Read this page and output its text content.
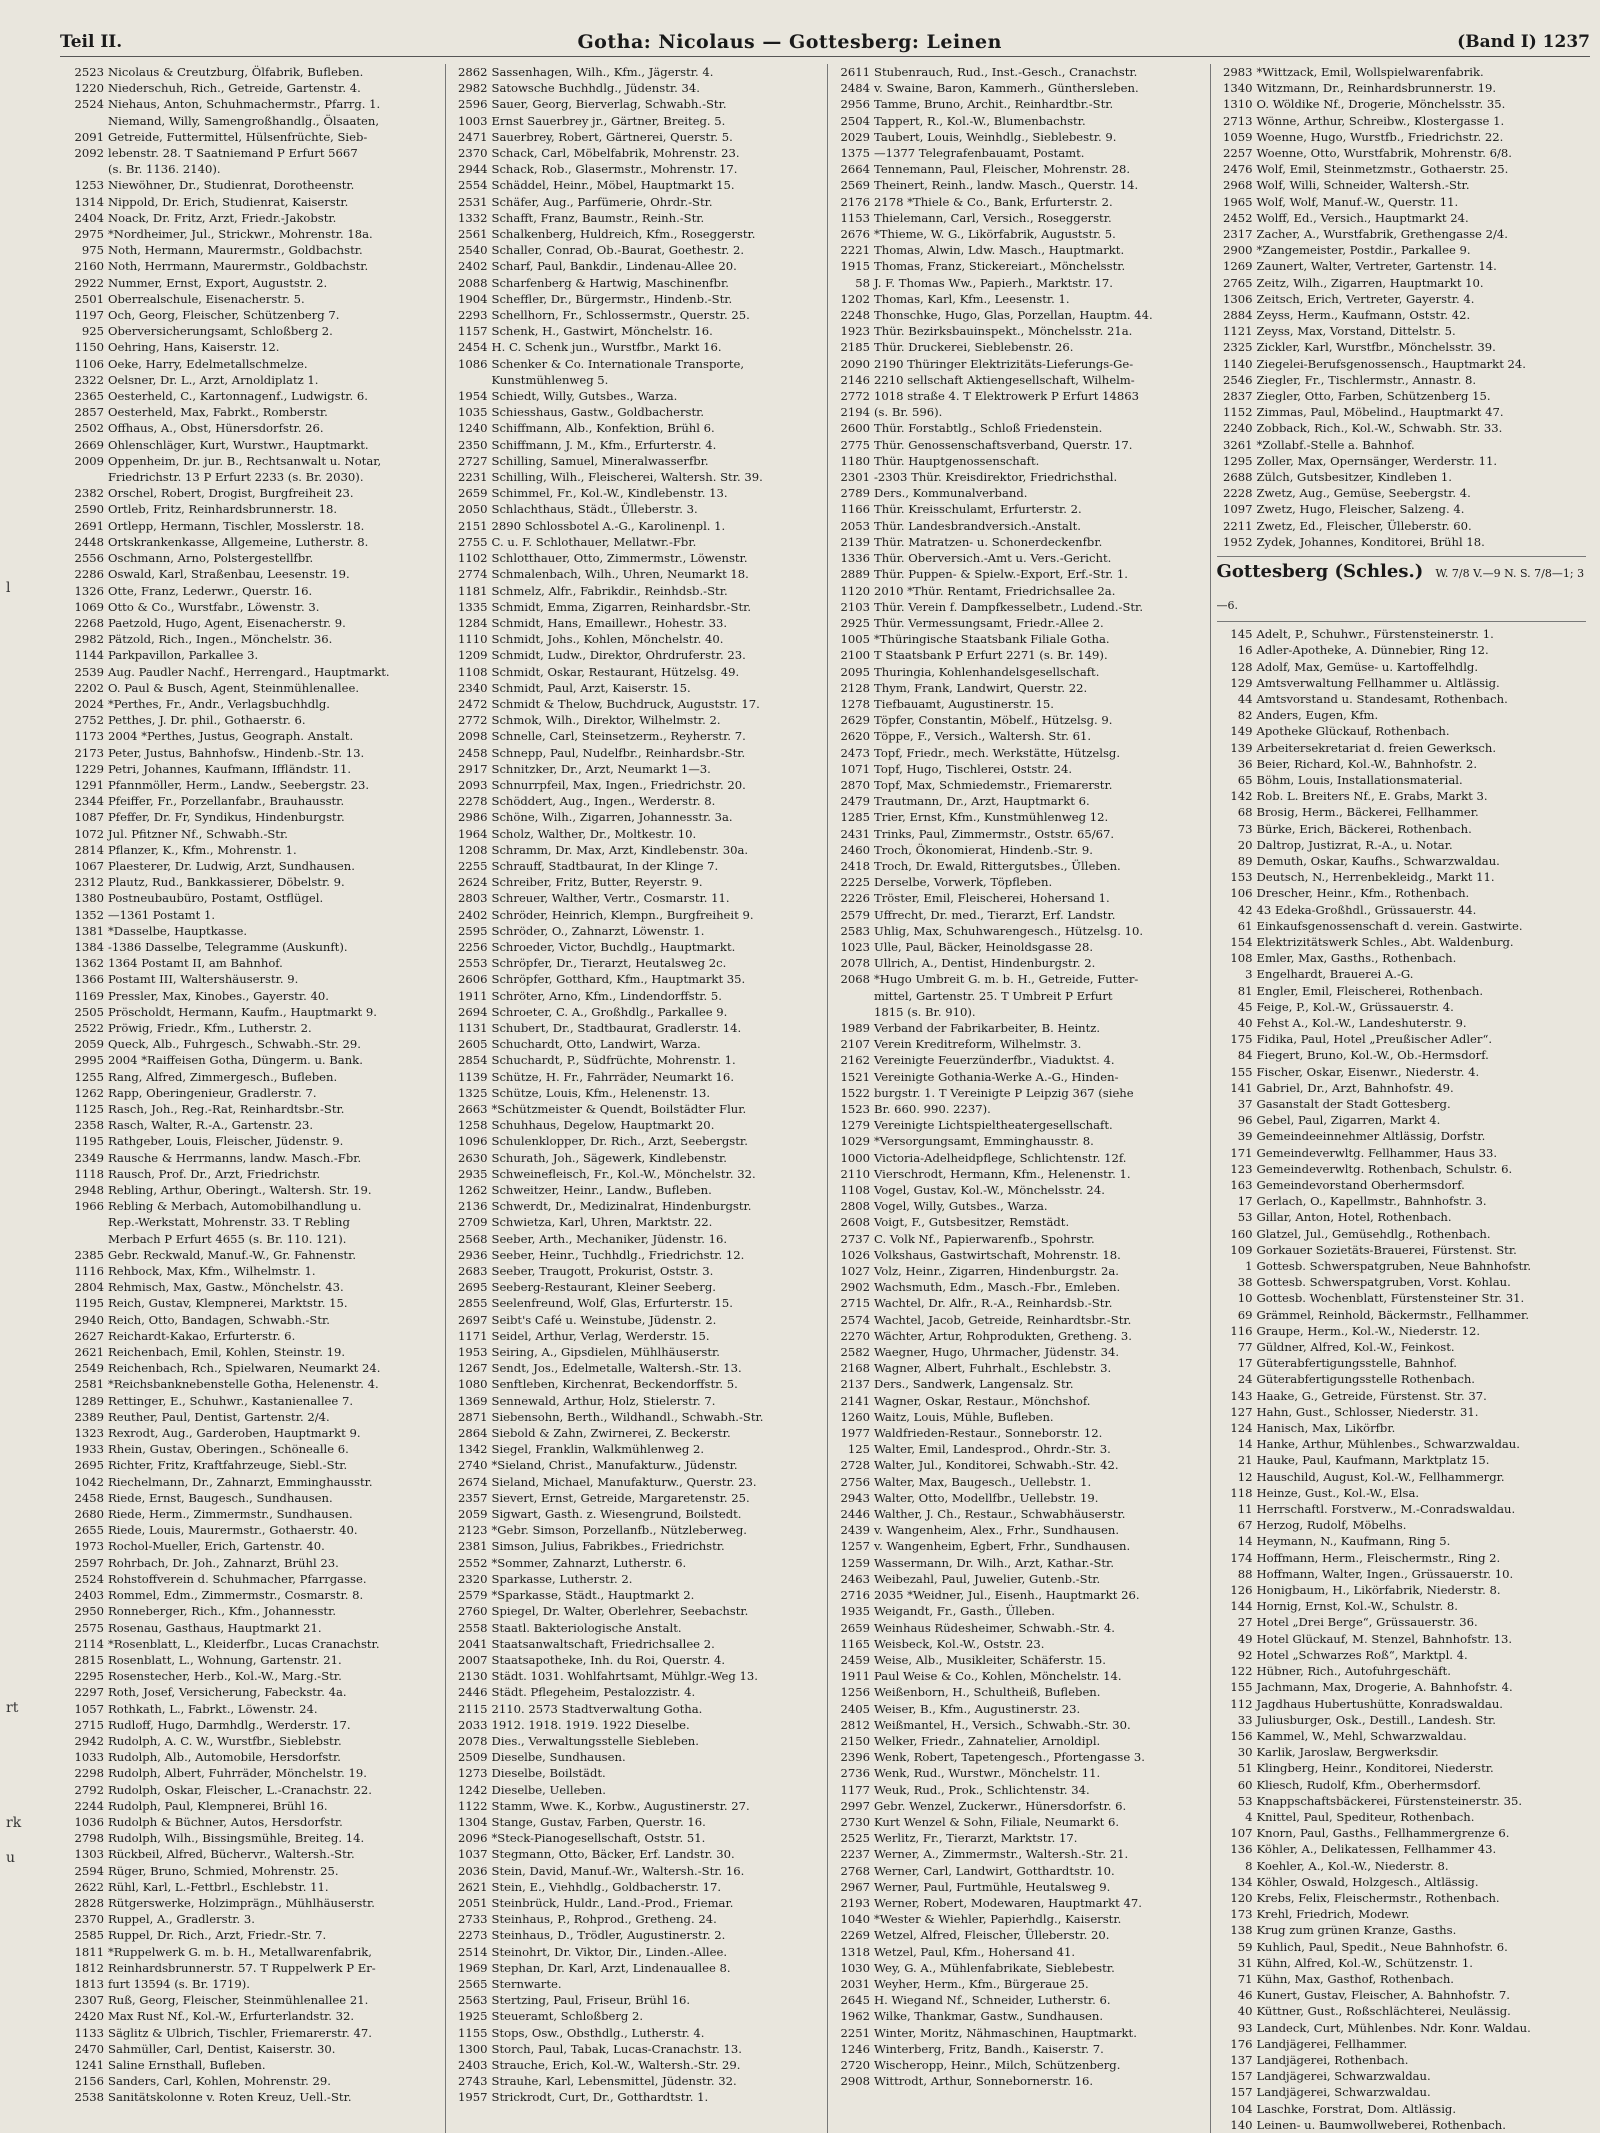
Teil II.	Gotha: Nicolaus — Gottesberg: Leinen	(Band I) 1237
l
rt
rk
u
2523 Nicolaus & Creutzburg, Ölfabrik, Bufleben.
1220 Niederschuh, Rich., Getreide, Gartenstr. 4.
2524 Niehaus, Anton, Schuhmachermstr., Pfarrg. 1.
Niemand, Willy, Samengroßhandlg., Ölsaaten,
2091 Getreide, Futtermittel, Hülsenfrüchte, Sieb-
2092 lebenstr. 28. T Saatniemand P Erfurt 5667
(s. Br. 1136. 2140).
1253 Niewöhner, Dr., Studienrat, Dorotheenstr.
1314 Nippold, Dr. Erich, Studienrat, Kaiserstr.
2404 Noack, Dr. Fritz, Arzt, Friedr.-Jakobstr.
2975 *Nordheimer, Jul., Strickwr., Mohrenstr. 18a.
975 Noth, Hermann, Maurermstr., Goldbachstr.
2160 Noth, Herrmann, Maurermstr., Goldbachstr.
2922 Nummer, Ernst, Export, Auguststr. 2.
2501 Oberrealschule, Eisenacherstr. 5.
1197 Och, Georg, Fleischer, Schützenberg 7.
925 Oberversicherungsamt, Schloßberg 2.
1150 Oehring, Hans, Kaiserstr. 12.
1106 Oeke, Harry, Edelmetallschmelze.
2322 Oelsner, Dr. L., Arzt, Arnoldiplatz 1.
2365 Oesterheld, C., Kartonnagenf., Ludwigstr. 6.
2857 Oesterheld, Max, Fabrkt., Romberstr.
2502 Offhaus, A., Obst, Hünersdorfstr. 26.
2669 Ohlenschläger, Kurt, Wurstwr., Hauptmarkt.
2009 Oppenheim, Dr. jur. B., Rechtsanwalt u. Notar,
Friedrichstr. 13 P Erfurt 2233 (s. Br. 2030).
2382 Orschel, Robert, Drogist, Burgfreiheit 23.
2590 Ortleb, Fritz, Reinhardsbrunnerstr. 18.
2691 Ortlepp, Hermann, Tischler, Mosslerstr. 18.
2448 Ortskrankenkasse, Allgemeine, Lutherstr. 8.
2556 Oschmann, Arno, Polstergestellfbr.
2286 Oswald, Karl, Straßenbau, Leesenstr. 19.
1326 Otte, Franz, Lederwr., Querstr. 16.
1069 Otto & Co., Wurstfabr., Löwenstr. 3.
2268 Paetzold, Hugo, Agent, Eisenacherstr. 9.
2982 Pätzold, Rich., Ingen., Mönchelstr. 36.
1144 Parkpavillon, Parkallee 3.
2539 Aug. Paudler Nachf., Herrengard., Hauptmarkt.
2202 O. Paul & Busch, Agent, Steinmühlenallee.
2024 *Perthes, Fr., Andr., Verlagsbuchhdlg.
2752 Petthes, J. Dr. phil., Gothaerstr. 6.
1173 2004 *Perthes, Justus, Geograph. Anstalt.
2173 Peter, Justus, Bahnhofsw., Hindenb.-Str. 13.
1229 Petri, Johannes, Kaufmann, Iffländstr. 11.
1291 Pfannmöller, Herm., Landw., Seebergstr. 23.
2344 Pfeiffer, Fr., Porzellanfabr., Brauhausstr.
1087 Pfeffer, Dr. Fr, Syndikus, Hindenburgstr.
1072 Jul. Pfitzner Nf., Schwabh.-Str.
2814 Pflanzer, K., Kfm., Mohrenstr. 1.
1067 Plaesterer, Dr. Ludwig, Arzt, Sundhausen.
2312 Plautz, Rud., Bankkassierer, Döbelstr. 9.
1380 Postneubaubüro, Postamt, Ostflügel.
1352 —1361 Postamt 1.
1381 *Dasselbe, Hauptkasse.
1384 -1386 Dasselbe, Telegramme (Auskunft).
1362 1364 Postamt II, am Bahnhof.
1366 Postamt III, Waltershäuserstr. 9.
1169 Pressler, Max, Kinobes., Gayerstr. 40.
2505 Pröscholdt, Hermann, Kaufm., Hauptmarkt 9.
2522 Pröwig, Friedr., Kfm., Lutherstr. 2.
2059 Queck, Alb., Fuhrgesch., Schwabh.-Str. 29.
2995 2004 *Raiffeisen Gotha, Düngerm. u. Bank.
1255 Rang, Alfred, Zimmergesch., Bufleben.
1262 Rapp, Oberingenieur, Gradlerstr. 7.
1125 Rasch, Joh., Reg.-Rat, Reinhardtsbr.-Str.
2358 Rasch, Walter, R.-A., Gartenstr. 23.
1195 Rathgeber, Louis, Fleischer, Jüdenstr. 9.
2349 Rausche & Herrmanns, landw. Masch.-Fbr.
1118 Rausch, Prof. Dr., Arzt, Friedrichstr.
2948 Rebling, Arthur, Oberingt., Waltersh. Str. 19.
1966 Rebling & Merbach, Automobilhandlung u.
Rep.-Werkstatt, Mohrenstr. 33. T Rebling
Merbach P Erfurt 4655 (s. Br. 110. 121).
2385 Gebr. Reckwald, Manuf.-W., Gr. Fahnenstr.
1116 Rehbock, Max, Kfm., Wilhelmstr. 1.
2804 Rehmisch, Max, Gastw., Mönchelstr. 43.
1195 Reich, Gustav, Klempnerei, Marktstr. 15.
2940 Reich, Otto, Bandagen, Schwabh.-Str.
2627 Reichardt-Kakao, Erfurterstr. 6.
2621 Reichenbach, Emil, Kohlen, Steinstr. 19.
2549 Reichenbach, Rch., Spielwaren, Neumarkt 24.
2581 *Reichsbanknebenstelle Gotha, Helenenstr. 4.
1289 Rettinger, E., Schuhwr., Kastanienallee 7.
2389 Reuther, Paul, Dentist, Gartenstr. 2/4.
1323 Rexrodt, Aug., Garderoben, Hauptmarkt 9.
1933 Rhein, Gustav, Oberingen., Schönealle 6.
2695 Richter, Fritz, Kraftfahrzeuge, Siebl.-Str.
1042 Riechelmann, Dr., Zahnarzt, Emminghausstr.
2458 Riede, Ernst, Baugesch., Sundhausen.
2680 Riede, Herm., Zimmermstr., Sundhausen.
2655 Riede, Louis, Maurermstr., Gothaerstr. 40.
1973 Rochol-Mueller, Erich, Gartenstr. 40.
2597 Rohrbach, Dr. Joh., Zahnarzt, Brühl 23.
2524 Rohstoffverein d. Schuhmacher, Pfarrgasse.
2403 Rommel, Edm., Zimmermstr., Cosmarstr. 8.
2950 Ronneberger, Rich., Kfm., Johannesstr.
2575 Rosenau, Gasthaus, Hauptmarkt 21.
2114 *Rosenblatt, L., Kleiderfbr., Lucas Cranachstr.
2815 Rosenblatt, L., Wohnung, Gartenstr. 21.
2295 Rosenstecher, Herb., Kol.-W., Marg.-Str.
2297 Roth, Josef, Versicherung, Fabeckstr. 4a.
1057 Rothkath, L., Fabrkt., Löwenstr. 24.
2715 Rudloff, Hugo, Darmhdlg., Werderstr. 17.
2942 Rudolph, A. C. W., Wurstfbr., Sieblebstr.
1033 Rudolph, Alb., Automobile, Hersdorfstr.
2298 Rudolph, Albert, Fuhrräder, Mönchelstr. 19.
2792 Rudolph, Oskar, Fleischer, L.-Cranachstr. 22.
2244 Rudolph, Paul, Klempnerei, Brühl 16.
1036 Rudolph & Büchner, Autos, Hersdorfstr.
2798 Rudolph, Wilh., Bissingsmühle, Breiteg. 14.
1303 Rückbeil, Alfred, Büchervr., Waltersh.-Str.
2594 Rüger, Bruno, Schmied, Mohrenstr. 25.
2622 Rühl, Karl, L.-Fettbrl., Eschlebstr. 11.
2828 Rütgerswerke, Holzimprägn., Mühlhäuserstr.
2370 Ruppel, A., Gradlerstr. 3.
2585 Ruppel, Dr. Rich., Arzt, Friedr.-Str. 7.
1811 *Ruppelwerk G. m. b. H., Metallwarenfabrik,
1812 Reinhardsbrunnerstr. 57. T Ruppelwerk P Er-
1813 furt 13594 (s. Br. 1719).
2307 Ruß, Georg, Fleischer, Steinmühlenallee 21.
2420 Max Rust Nf., Kol.-W., Erfurterlandstr. 32.
1133 Säglitz & Ulbrich, Tischler, Friemarerstr. 47.
2470 Sahmüller, Carl, Dentist, Kaiserstr. 30.
1241 Saline Ernsthall, Bufleben.
2156 Sanders, Carl, Kohlen, Mohrenstr. 29.
2538 Sanitätskolonne v. Roten Kreuz, Uell.-Str.
2862 Sassenhagen, Wilh., Kfm., Jägerstr. 4.
2982 Satowsche Buchhdlg., Jüdenstr. 34.
2596 Sauer, Georg, Bierverlag, Schwabh.-Str.
1003 Ernst Sauerbrey jr., Gärtner, Breiteg. 5.
2471 Sauerbrey, Robert, Gärtnerei, Querstr. 5.
2370 Schack, Carl, Möbelfabrik, Mohrenstr. 23.
2944 Schack, Rob., Glasermstr., Mohrenstr. 17.
2554 Schäddel, Heinr., Möbel, Hauptmarkt 15.
2531 Schäfer, Aug., Parfümerie, Ohrdr.-Str.
1332 Schafft, Franz, Baumstr., Reinh.-Str.
2561 Schalkenberg, Huldreich, Kfm., Roseggerstr.
2540 Schaller, Conrad, Ob.-Baurat, Goethestr. 2.
2402 Scharf, Paul, Bankdir., Lindenau-Allee 20.
2088 Scharfenberg & Hartwig, Maschinenfbr.
1904 Scheffler, Dr., Bürgermstr., Hindenb.-Str.
2293 Schellhorn, Fr., Schlossermstr., Querstr. 25.
1157 Schenk, H., Gastwirt, Mönchelstr. 16.
2454 H. C. Schenk jun., Wurstfbr., Markt 16.
1086 Schenker & Co. Internationale Transporte,
Kunstmühlenweg 5.
1954 Schiedt, Willy, Gutsbes., Warza.
1035 Schiesshaus, Gastw., Goldbacherstr.
1240 Schiffmann, Alb., Konfektion, Brühl 6.
2350 Schiffmann, J. M., Kfm., Erfurterstr. 4.
2727 Schilling, Samuel, Mineralwasserfbr.
2231 Schilling, Wilh., Fleischerei, Waltersh. Str. 39.
2659 Schimmel, Fr., Kol.-W., Kindlebenstr. 13.
2050 Schlachthaus, Städt., Ülleberstr. 3.
2151 2890 Schlossbotel A.-G., Karolinenpl. 1.
2755 C. u. F. Schlothauer, Mellatwr.-Fbr.
1102 Schlotthauer, Otto, Zimmermstr., Löwenstr.
2774 Schmalenbach, Wilh., Uhren, Neumarkt 18.
1181 Schmelz, Alfr., Fabrikdir., Reinhdsb.-Str.
1335 Schmidt, Emma, Zigarren, Reinhardsbr.-Str.
1284 Schmidt, Hans, Emaillewr., Hohestr. 33.
1110 Schmidt, Johs., Kohlen, Mönchelstr. 40.
1209 Schmidt, Ludw., Direktor, Ohrdruferstr. 23.
1108 Schmidt, Oskar, Restaurant, Hützelsg. 49.
2340 Schmidt, Paul, Arzt, Kaiserstr. 15.
2472 Schmidt & Thelow, Buchdruck, Auguststr. 17.
2772 Schmok, Wilh., Direktor, Wilhelmstr. 2.
2098 Schnelle, Carl, Steinsetzerm., Reyherstr. 7.
2458 Schnepp, Paul, Nudelfbr., Reinhardsbr.-Str.
2917 Schnitzker, Dr., Arzt, Neumarkt 1—3.
2093 Schnurrpfeil, Max, Ingen., Friedrichstr. 20.
2278 Schöddert, Aug., Ingen., Werderstr. 8.
2986 Schöne, Wilh., Zigarren, Johannesstr. 3a.
1964 Scholz, Walther, Dr., Moltkestr. 10.
1208 Schramm, Dr. Max, Arzt, Kindlebenstr. 30a.
2255 Schrauff, Stadtbaurat, In der Klinge 7.
2624 Schreiber, Fritz, Butter, Reyerstr. 9.
2803 Schreuer, Walther, Vertr., Cosmarstr. 11.
2402 Schröder, Heinrich, Klempn., Burgfreiheit 9.
2595 Schröder, O., Zahnarzt, Löwenstr. 1.
2256 Schroeder, Victor, Buchdlg., Hauptmarkt.
2553 Schröpfer, Dr., Tierarzt, Heutalsweg 2c.
2606 Schröpfer, Gotthard, Kfm., Hauptmarkt 35.
1911 Schröter, Arno, Kfm., Lindendorffstr. 5.
2694 Schroeter, C. A., Großhdlg., Parkallee 9.
1131 Schubert, Dr., Stadtbaurat, Gradlerstr. 14.
2605 Schuchardt, Otto, Landwirt, Warza.
2854 Schuchardt, P., Südfrüchte, Mohrenstr. 1.
1139 Schütze, H. Fr., Fahrräder, Neumarkt 16.
1325 Schütze, Louis, Kfm., Helenenstr. 13.
2663 *Schützmeister & Quendt, Boilstädter Flur.
1258 Schuhhaus, Degelow, Hauptmarkt 20.
1096 Schulenklopper, Dr. Rich., Arzt, Seebergstr.
2630 Schurath, Joh., Sägewerk, Kindlebenstr.
2935 Schweinefleisch, Fr., Kol.-W., Mönchelstr. 32.
1262 Schweitzer, Heinr., Landw., Bufleben.
2136 Schwerdt, Dr., Medizinalrat, Hindenburgstr.
2709 Schwietza, Karl, Uhren, Marktstr. 22.
2568 Seeber, Arth., Mechaniker, Jüdenstr. 16.
2936 Seeber, Heinr., Tuchhdlg., Friedrichstr. 12.
2683 Seeber, Traugott, Prokurist, Oststr. 3.
2695 Seeberg-Restaurant, Kleiner Seeberg.
2855 Seelenfreund, Wolf, Glas, Erfurterstr. 15.
2697 Seibt's Café u. Weinstube, Jüdenstr. 2.
1171 Seidel, Arthur, Verlag, Werderstr. 15.
1953 Seiring, A., Gipsdielen, Mühlhäuserstr.
1267 Sendt, Jos., Edelmetalle, Waltersh.-Str. 13.
1080 Senftleben, Kirchenrat, Beckendorffstr. 5.
1369 Sennewald, Arthur, Holz, Stielerstr. 7.
2871 Siebensohn, Berth., Wildhandl., Schwabh.-Str.
2864 Siebold & Zahn, Zwirnerei, Z. Beckerstr.
1342 Siegel, Franklin, Walkmühlenweg 2.
2740 *Sieland, Christ., Manufakturw., Jüdenstr.
2674 Sieland, Michael, Manufakturw., Querstr. 23.
2357 Sievert, Ernst, Getreide, Margaretenstr. 25.
2059 Sigwart, Gasth. z. Wiesengrund, Boilstedt.
2123 *Gebr. Simson, Porzellanfb., Nützleberweg.
2381 Simson, Julius, Fabrikbes., Friedrichstr.
2552 *Sommer, Zahnarzt, Lutherstr. 6.
2320 Sparkasse, Lutherstr. 2.
2579 *Sparkasse, Städt., Hauptmarkt 2.
2760 Spiegel, Dr. Walter, Oberlehrer, Seebachstr.
2558 Staatl. Bakteriologische Anstalt.
2041 Staatsanwaltschaft, Friedrichsallee 2.
2007 Staatsapotheke, Inh. du Roi, Querstr. 4.
2130 Städt. 1031. Wohlfahrtsamt, Mühlgr.-Weg 13.
2446 Städt. Pflegeheim, Pestalozzistr. 4.
2115 2110. 2573 Stadtverwaltung Gotha.
2033 1912. 1918. 1919. 1922 Dieselbe.
2078 Dies., Verwaltungsstelle Siebleben.
2509 Dieselbe, Sundhausen.
1273 Dieselbe, Boilstädt.
1242 Dieselbe, Uelleben.
1122 Stamm, Wwe. K., Korbw., Augustinerstr. 27.
1304 Stange, Gustav, Farben, Querstr. 16.
2096 *Steck-Pianogesellschaft, Oststr. 51.
1037 Stegmann, Otto, Bäcker, Erf. Landstr. 30.
2036 Stein, David, Manuf.-Wr., Waltersh.-Str. 16.
2621 Stein, E., Viehhdlg., Goldbacherstr. 17.
2051 Steinbrück, Huldr., Land.-Prod., Friemar.
2733 Steinhaus, P., Rohprod., Gretheng. 24.
2273 Steinhaus, D., Trödler, Augustinerstr. 2.
2514 Steinohrt, Dr. Viktor, Dir., Linden.-Allee.
1969 Stephan, Dr. Karl, Arzt, Lindenauallee 8.
2565 Sternwarte.
2563 Stertzing, Paul, Friseur, Brühl 16.
1925 Steueramt, Schloßberg 2.
1155 Stops, Osw., Obsthdlg., Lutherstr. 4.
1300 Storch, Paul, Tabak, Lucas-Cranachstr. 13.
2403 Strauche, Erich, Kol.-W., Waltersh.-Str. 29.
2743 Strauhe, Karl, Lebensmittel, Jüdenstr. 32.
1957 Strickrodt, Curt, Dr., Gotthardtstr. 1.
2611 Stubenrauch, Rud., Inst.-Gesch., Cranachstr.
2484 v. Swaine, Baron, Kammerh., Günthersleben.
2956 Tamme, Bruno, Archit., Reinhardtbr.-Str.
2504 Tappert, R., Kol.-W., Blumenbachstr.
2029 Taubert, Louis, Weinhdlg., Sieblebestr. 9.
1375 —1377 Telegrafenbauamt, Postamt.
2664 Tennemann, Paul, Fleischer, Mohrenstr. 28.
2569 Theinert, Reinh., landw. Masch., Querstr. 14.
2176 2178 *Thiele & Co., Bank, Erfurterstr. 2.
1153 Thielemann, Carl, Versich., Roseggerstr.
2676 *Thieme, W. G., Likörfabrik, Auguststr. 5.
2221 Thomas, Alwin, Ldw. Masch., Hauptmarkt.
1915 Thomas, Franz, Stickereiart., Mönchelsstr.
58 J. F. Thomas Ww., Papierh., Marktstr. 17.
1202 Thomas, Karl, Kfm., Leesenstr. 1.
2248 Thonschke, Hugo, Glas, Porzellan, Hauptm. 44.
1923 Thür. Bezirksbauinspekt., Mönchelsstr. 21a.
2185 Thür. Druckerei, Sieblebenstr. 26.
2090 2190 Thüringer Elektrizitäts-Lieferungs-Ge-
2146 2210 sellschaft Aktiengesellschaft, Wilhelm-
2772 1018 straße 4. T Elektrowerk P Erfurt 14863
2194 (s. Br. 596).
2600 Thür. Forstabtlg., Schloß Friedenstein.
2775 Thür. Genossenschaftsverband, Querstr. 17.
1180 Thür. Hauptgenossenschaft.
2301 -2303 Thür. Kreisdirektor, Friedrichsthal.
2789 Ders., Kommunalverband.
1166 Thür. Kreisschulamt, Erfurterstr. 2.
2053 Thür. Landesbrandversich.-Anstalt.
2139 Thür. Matratzen- u. Schonerdeckenfbr.
1336 Thür. Oberversich.-Amt u. Vers.-Gericht.
2889 Thür. Puppen- & Spielw.-Export, Erf.-Str. 1.
1120 2010 *Thür. Rentamt, Friedrichsallee 2a.
2103 Thür. Verein f. Dampfkesselbetr., Ludend.-Str.
2925 Thür. Vermessungsamt, Friedr.-Allee 2.
1005 *Thüringische Staatsbank Filiale Gotha.
2100 T Staatsbank P Erfurt 2271 (s. Br. 149).
2095 Thuringia, Kohlenhandelsgesellschaft.
2128 Thym, Frank, Landwirt, Querstr. 22.
1278 Tiefbauamt, Augustinerstr. 15.
2629 Töpfer, Constantin, Möbelf., Hützelsg. 9.
2620 Töppe, F., Versich., Waltersh. Str. 61.
2473 Topf, Friedr., mech. Werkstätte, Hützelsg.
1071 Topf, Hugo, Tischlerei, Oststr. 24.
2870 Topf, Max, Schmiedemstr., Friemarerstr.
2479 Trautmann, Dr., Arzt, Hauptmarkt 6.
1285 Trier, Ernst, Kfm., Kunstmühlenweg 12.
2431 Trinks, Paul, Zimmermstr., Oststr. 65/67.
2460 Troch, Ökonomierat, Hindenb.-Str. 9.
2418 Troch, Dr. Ewald, Rittergutsbes., Ülleben.
2225 Derselbe, Vorwerk, Töpfleben.
2226 Tröster, Emil, Fleischerei, Hohersand 1.
2579 Uffrecht, Dr. med., Tierarzt, Erf. Landstr.
2583 Uhlig, Max, Schuhwarengesch., Hützelsg. 10.
1023 Ulle, Paul, Bäcker, Heinoldsgasse 28.
2078 Ullrich, A., Dentist, Hindenburgstr. 2.
2068 *Hugo Umbreit G. m. b. H., Getreide, Futter-
mittel, Gartenstr. 25. T Umbreit P Erfurt
1815 (s. Br. 910).
1989 Verband der Fabrikarbeiter, B. Heintz.
2107 Verein Kreditreform, Wilhelmstr. 3.
2162 Vereinigte Feuerzünderfbr., Viaduktst. 4.
1521 Vereinigte Gothania-Werke A.-G., Hinden-
1522 burgstr. 1. T Vereinigte P Leipzig 367 (siehe
1523 Br. 660. 990. 2237).
1279 Vereinigte Lichtspieltheatergesellschaft.
1029 *Versorgungsamt, Emminghausstr. 8.
1000 Victoria-Adelheidpflege, Schlichtenstr. 12f.
2110 Vierschrodt, Hermann, Kfm., Helenenstr. 1.
1108 Vogel, Gustav, Kol.-W., Mönchelsstr. 24.
2808 Vogel, Willy, Gutsbes., Warza.
2608 Voigt, F., Gutsbesitzer, Remstädt.
2737 C. Volk Nf., Papierwarenfb., Spohrstr.
1026 Volkshaus, Gastwirtschaft, Mohrenstr. 18.
1027 Volz, Heinr., Zigarren, Hindenburgstr. 2a.
2902 Wachsmuth, Edm., Masch.-Fbr., Emleben.
2715 Wachtel, Dr. Alfr., R.-A., Reinhardsb.-Str.
2574 Wachtel, Jacob, Getreide, Reinhardtsbr.-Str.
2270 Wächter, Artur, Rohprodukten, Gretheng. 3.
2582 Waegner, Hugo, Uhrmacher, Jüdenstr. 34.
2168 Wagner, Albert, Fuhrhalt., Eschlebstr. 3.
2137 Ders., Sandwerk, Langensalz. Str.
2141 Wagner, Oskar, Restaur., Mönchshof.
1260 Waitz, Louis, Mühle, Bufleben.
1977 Waldfrieden-Restaur., Sonneborstr. 12.
125 Walter, Emil, Landesprod., Ohrdr.-Str. 3.
2728 Walter, Jul., Konditorei, Schwabh.-Str. 42.
2756 Walter, Max, Baugesch., Uellebstr. 1.
2943 Walter, Otto, Modellfbr., Uellebstr. 19.
2446 Walther, J. Ch., Restaur., Schwabhäuserstr.
2439 v. Wangenheim, Alex., Frhr., Sundhausen.
1257 v. Wangenheim, Egbert, Frhr., Sundhausen.
1259 Wassermann, Dr. Wilh., Arzt, Kathar.-Str.
2463 Weibezahl, Paul, Juwelier, Gutenb.-Str.
2716 2035 *Weidner, Jul., Eisenh., Hauptmarkt 26.
1935 Weigandt, Fr., Gasth., Ülleben.
2659 Weinhaus Rüdesheimer, Schwabh.-Str. 4.
1165 Weisbeck, Kol.-W., Oststr. 23.
2459 Weise, Alb., Musikleiter, Schäferstr. 15.
1911 Paul Weise & Co., Kohlen, Mönchelstr. 14.
1256 Weißenborn, H., Schultheiß, Bufleben.
2405 Weiser, B., Kfm., Augustinerstr. 23.
2812 Weißmantel, H., Versich., Schwabh.-Str. 30.
2150 Welker, Friedr., Zahnatelier, Arnoldipl.
2396 Wenk, Robert, Tapetengesch., Pfortengasse 3.
2736 Wenk, Rud., Wurstwr., Mönchelstr. 11.
1177 Weuk, Rud., Prok., Schlichtenstr. 34.
2997 Gebr. Wenzel, Zuckerwr., Hünersdorfstr. 6.
2730 Kurt Wenzel & Sohn, Filiale, Neumarkt 6.
2525 Werlitz, Fr., Tierarzt, Marktstr. 17.
2237 Werner, A., Zimmermstr., Waltersh.-Str. 21.
2768 Werner, Carl, Landwirt, Gotthardtstr. 10.
2967 Werner, Paul, Furtmühle, Heutalsweg 9.
2193 Werner, Robert, Modewaren, Hauptmarkt 47.
1040 *Wester & Wiehler, Papierhdlg., Kaiserstr.
2269 Wetzel, Alfred, Fleischer, Ülleberstr. 20.
1318 Wetzel, Paul, Kfm., Hohersand 41.
1030 Wey, G. A., Mühlenfabrikate, Sieblebestr.
2031 Weyher, Herm., Kfm., Bürgeraue 25.
2645 H. Wiegand Nf., Schneider, Lutherstr. 6.
1962 Wilke, Thankmar, Gastw., Sundhausen.
2251 Winter, Moritz, Nähmaschinen, Hauptmarkt.
1246 Winterberg, Fritz, Bandh., Kaiserstr. 7.
2720 Wischeropp, Heinr., Milch, Schützenberg.
2908 Wittrodt, Arthur, Sonnebornerstr. 16.
2983 *Wittzack, Emil, Wollspielwarenfabrik.
1340 Witzmann, Dr., Reinhardsbrunnerstr. 19.
1310 O. Wöldike Nf., Drogerie, Mönchelsstr. 35.
2713 Wönne, Arthur, Schreibw., Klostergasse 1.
1059 Woenne, Hugo, Wurstfb., Friedrichstr. 22.
2257 Woenne, Otto, Wurstfabrik, Mohrenstr. 6/8.
2476 Wolf, Emil, Steinmetzmstr., Gothaerstr. 25.
2968 Wolf, Willi, Schneider, Waltersh.-Str.
1965 Wolf, Wolf, Manuf.-W., Querstr. 11.
2452 Wolff, Ed., Versich., Hauptmarkt 24.
2317 Zacher, A., Wurstfabrik, Grethengasse 2/4.
2900 *Zangemeister, Postdir., Parkallee 9.
1269 Zaunert, Walter, Vertreter, Gartenstr. 14.
2765 Zeitz, Wilh., Zigarren, Hauptmarkt 10.
1306 Zeitsch, Erich, Vertreter, Gayerstr. 4.
2884 Zeyss, Herm., Kaufmann, Oststr. 42.
1121 Zeyss, Max, Vorstand, Dittelstr. 5.
2325 Zickler, Karl, Wurstfbr., Mönchelsstr. 39.
1140 Ziegelei-Berufsgenossensch., Hauptmarkt 24.
2546 Ziegler, Fr., Tischlermstr., Annastr. 8.
2837 Ziegler, Otto, Farben, Schützenberg 15.
1152 Zimmas, Paul, Möbelind., Hauptmarkt 47.
2240 Zobback, Rich., Kol.-W., Schwabh. Str. 33.
3261 *Zollabf.-Stelle a. Bahnhof.
1295 Zoller, Max, Opernsänger, Werderstr. 11.
2688 Zülch, Gutsbesitzer, Kindleben 1.
2228 Zwetz, Aug., Gemüse, Seebergstr. 4.
1097 Zwetz, Hugo, Fleischer, Salzeng. 4.
2211 Zwetz, Ed., Fleischer, Ülleberstr. 60.
1952 Zydek, Johannes, Konditorei, Brühl 18.
Gottesberg (Schles.) W. 7/8 V.—9 N. S. 7/8—1; 3—6.
145 Adelt, P., Schuhwr., Fürstensteinerstr. 1.
16 Adler-Apotheke, A. Dünnebier, Ring 12.
128 Adolf, Max, Gemüse- u. Kartoffelhdlg.
129 Amtsverwaltung Fellhammer u. Altlässig.
44 Amtsvorstand u. Standesamt, Rothenbach.
82 Anders, Eugen, Kfm.
149 Apotheke Glückauf, Rothenbach.
139 Arbeitersekretariat d. freien Gewerksch.
36 Beier, Richard, Kol.-W., Bahnhofstr. 2.
65 Böhm, Louis, Installationsmaterial.
142 Rob. L. Breiters Nf., E. Grabs, Markt 3.
68 Brosig, Herm., Bäckerei, Fellhammer.
73 Bürke, Erich, Bäckerei, Rothenbach.
20 Daltrop, Justizrat, R.-A., u. Notar.
89 Demuth, Oskar, Kaufhs., Schwarzwaldau.
153 Deutsch, N., Herrenbekleidg., Markt 11.
106 Drescher, Heinr., Kfm., Rothenbach.
42 43 Edeka-Großhdl., Grüssauerstr. 44.
61 Einkaufsgenossenschaft d. verein. Gastwirte.
154 Elektrizitätswerk Schles., Abt. Waldenburg.
108 Emler, Max, Gasths., Rothenbach.
3 Engelhardt, Brauerei A.-G.
81 Engler, Emil, Fleischerei, Rothenbach.
45 Feige, P., Kol.-W., Grüssauerstr. 4.
40 Fehst A., Kol.-W., Landeshuterstr. 9.
175 Fidika, Paul, Hotel „Preußischer Adler“.
84 Fiegert, Bruno, Kol.-W., Ob.-Hermsdorf.
155 Fischer, Oskar, Eisenwr., Niederstr. 4.
141 Gabriel, Dr., Arzt, Bahnhofstr. 49.
37 Gasanstalt der Stadt Gottesberg.
96 Gebel, Paul, Zigarren, Markt 4.
39 Gemeindeeinnehmer Altlässig, Dorfstr.
171 Gemeindeverwltg. Fellhammer, Haus 33.
123 Gemeindeverwltg. Rothenbach, Schulstr. 6.
163 Gemeindevorstand Oberhermsdorf.
17 Gerlach, O., Kapellmstr., Bahnhofstr. 3.
53 Gillar, Anton, Hotel, Rothenbach.
160 Glatzel, Jul., Gemüsehdlg., Rothenbach.
109 Gorkauer Sozietäts-Brauerei, Fürstenst. Str.
1 Gottesb. Schwerspatgruben, Neue Bahnhofstr.
38 Gottesb. Schwerspatgruben, Vorst. Kohlau.
10 Gottesb. Wochenblatt, Fürstensteiner Str. 31.
69 Grämmel, Reinhold, Bäckermstr., Fellhammer.
116 Graupe, Herm., Kol.-W., Niederstr. 12.
77 Güldner, Alfred, Kol.-W., Feinkost.
17 Güterabfertigungsstelle, Bahnhof.
24 Güterabfertigungsstelle Rothenbach.
143 Haake, G., Getreide, Fürstenst. Str. 37.
127 Hahn, Gust., Schlosser, Niederstr. 31.
124 Hanisch, Max, Likörfbr.
14 Hanke, Arthur, Mühlenbes., Schwarzwaldau.
21 Hauke, Paul, Kaufmann, Marktplatz 15.
12 Hauschild, August, Kol.-W., Fellhammergr.
118 Heinze, Gust., Kol.-W., Elsa.
11 Herrschaftl. Forstverw., M.-Conradswaldau.
67 Herzog, Rudolf, Möbelhs.
14 Heymann, N., Kaufmann, Ring 5.
174 Hoffmann, Herm., Fleischermstr., Ring 2.
88 Hoffmann, Walter, Ingen., Grüssauerstr. 10.
126 Honigbaum, H., Likörfabrik, Niederstr. 8.
144 Hornig, Ernst, Kol.-W., Schulstr. 8.
27 Hotel „Drei Berge“, Grüssauerstr. 36.
49 Hotel Glückauf, M. Stenzel, Bahnhofstr. 13.
92 Hotel „Schwarzes Roß“, Marktpl. 4.
122 Hübner, Rich., Autofuhrgeschäft.
155 Jachmann, Max, Drogerie, A. Bahnhofstr. 4.
112 Jagdhaus Hubertushütte, Konradswaldau.
33 Juliusburger, Osk., Destill., Landesh. Str.
156 Kammel, W., Mehl, Schwarzwaldau.
30 Karlik, Jaroslaw, Bergwerksdir.
51 Klingberg, Heinr., Konditorei, Niederstr.
60 Kliesch, Rudolf, Kfm., Oberhermsdorf.
53 Knappschaftsbäckerei, Fürstensteinerstr. 35.
4 Knittel, Paul, Spediteur, Rothenbach.
107 Knorn, Paul, Gasths., Fellhammergrenze 6.
136 Köhler, A., Delikatessen, Fellhammer 43.
8 Koehler, A., Kol.-W., Niederstr. 8.
134 Köhler, Oswald, Holzgesch., Altlässig.
120 Krebs, Felix, Fleischermstr., Rothenbach.
173 Krehl, Friedrich, Modewr.
138 Krug zum grünen Kranze, Gasths.
59 Kuhlich, Paul, Spedit., Neue Bahnhofstr. 6.
31 Kühn, Alfred, Kol.-W., Schützenstr. 1.
71 Kühn, Max, Gasthof, Rothenbach.
46 Kunert, Gustav, Fleischer, A. Bahnhofstr. 7.
40 Küttner, Gust., Roßschlächterei, Neulässig.
93 Landeck, Curt, Mühlenbes. Ndr. Konr. Waldau.
176 Landjägerei, Fellhammer.
137 Landjägerei, Rothenbach.
157 Landjägerei, Schwarzwaldau.
157 Landjägerei, Schwarzwaldau.
104 Laschke, Forstrat, Dom. Altlässig.
140 Leinen- u. Baumwollweberei, Rothenbach.
